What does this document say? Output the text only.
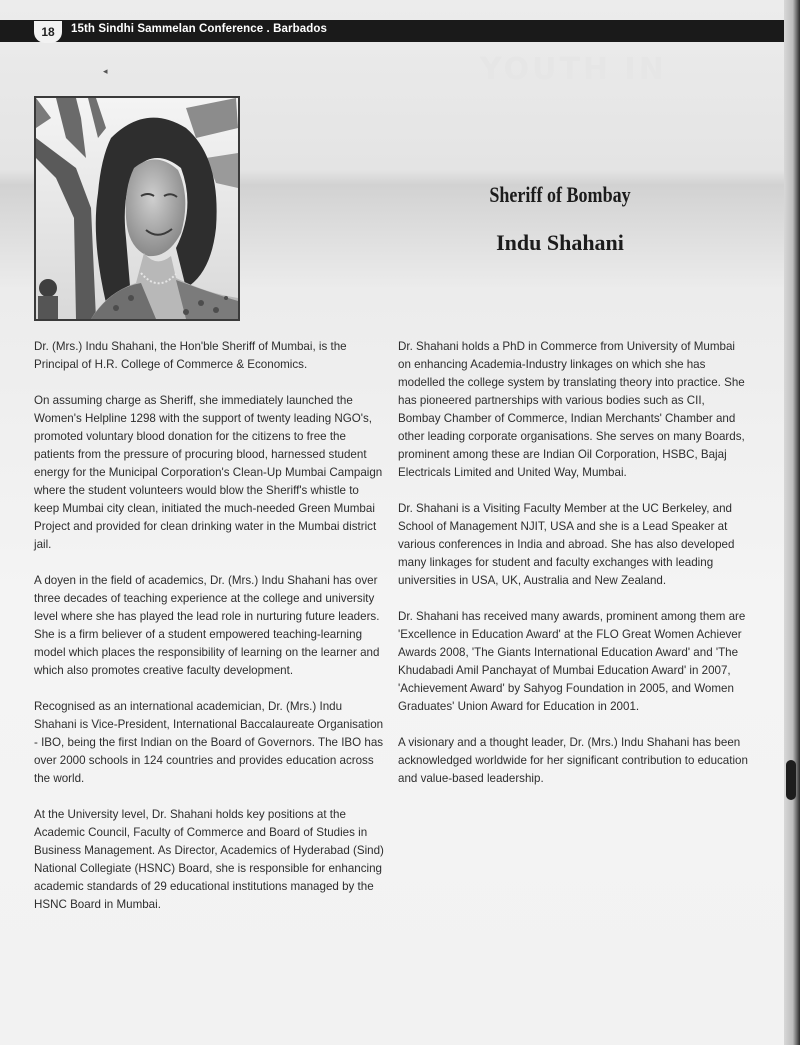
18	15th Sindhi Sammelan Conference . Barbados
YOUTH IN
◂
Sheriff of Bombay
Indu Shahani

Dr. (Mrs.) Indu Shahani, the Hon'ble Sheriff of Mumbai, is the Principal of H.R. College of Commerce & Economics.

On assuming charge as Sheriff, she immediately launched the Women's Helpline 1298 with the support of twenty leading NGO's, promoted voluntary blood donation for the citizens to free the patients from the pressure of procuring blood, harnessed student energy for the Municipal Corporation's Clean-Up Mumbai Campaign where the student volunteers would blow the Sheriff's whistle to keep Mumbai city clean, initiated the much-needed Green Mumbai Project and provided for clean drinking water in the Mumbai district jail.

A doyen in the field of academics, Dr. (Mrs.) Indu Shahani has over three decades of teaching experience at the college and university level where she has played the lead role in nurturing future leaders. She is a firm believer of a student empowered teaching-learning model which places the responsibility of learning on the learner and which also promotes creative faculty development.

Recognised as an international academician, Dr. (Mrs.) Indu Shahani is Vice-President, International Baccalaureate Organisation - IBO, being the first Indian on the Board of Governors. The IBO has over 2000 schools in 124 countries and provides education across the world.

At the University level, Dr. Shahani holds key positions at the Academic Council, Faculty of Commerce and Board of Studies in Business Management. As Director, Academics of Hyderabad (Sind) National Collegiate (HSNC) Board, she is responsible for enhancing academic standards of 29 educational institutions managed by the HSNC Board in Mumbai.

Dr. Shahani holds a PhD in Commerce from University of Mumbai on enhancing Academia-Industry linkages on which she has modelled the college system by translating theory into practice. She has pioneered partnerships with various bodies such as CII, Bombay Chamber of Commerce, Indian Merchants' Chamber and other leading corporate organisations. She serves on many Boards, prominent among these are Indian Oil Corporation, HSBC, Bajaj Electricals Limited and United Way, Mumbai.

Dr. Shahani is a Visiting Faculty Member at the UC Berkeley, and School of Management NJIT, USA and she is a Lead Speaker at various conferences in India and abroad. She has also developed many linkages for student and faculty exchanges with leading universities in USA, UK, Australia and New Zealand.

Dr. Shahani has received many awards, prominent among them are 'Excellence in Education Award' at the FLO Great Women Achiever Awards 2008, 'The Giants International Education Award' and 'The Khudabadi Amil Panchayat of Mumbai Education Award' in 2007, 'Achievement Award' by Sahyog Foundation in 2005, and Women Graduates' Union Award for Education in 2001.

A visionary and a thought leader, Dr. (Mrs.) Indu Shahani has been acknowledged worldwide for her significant contribution to education and value-based leadership.
